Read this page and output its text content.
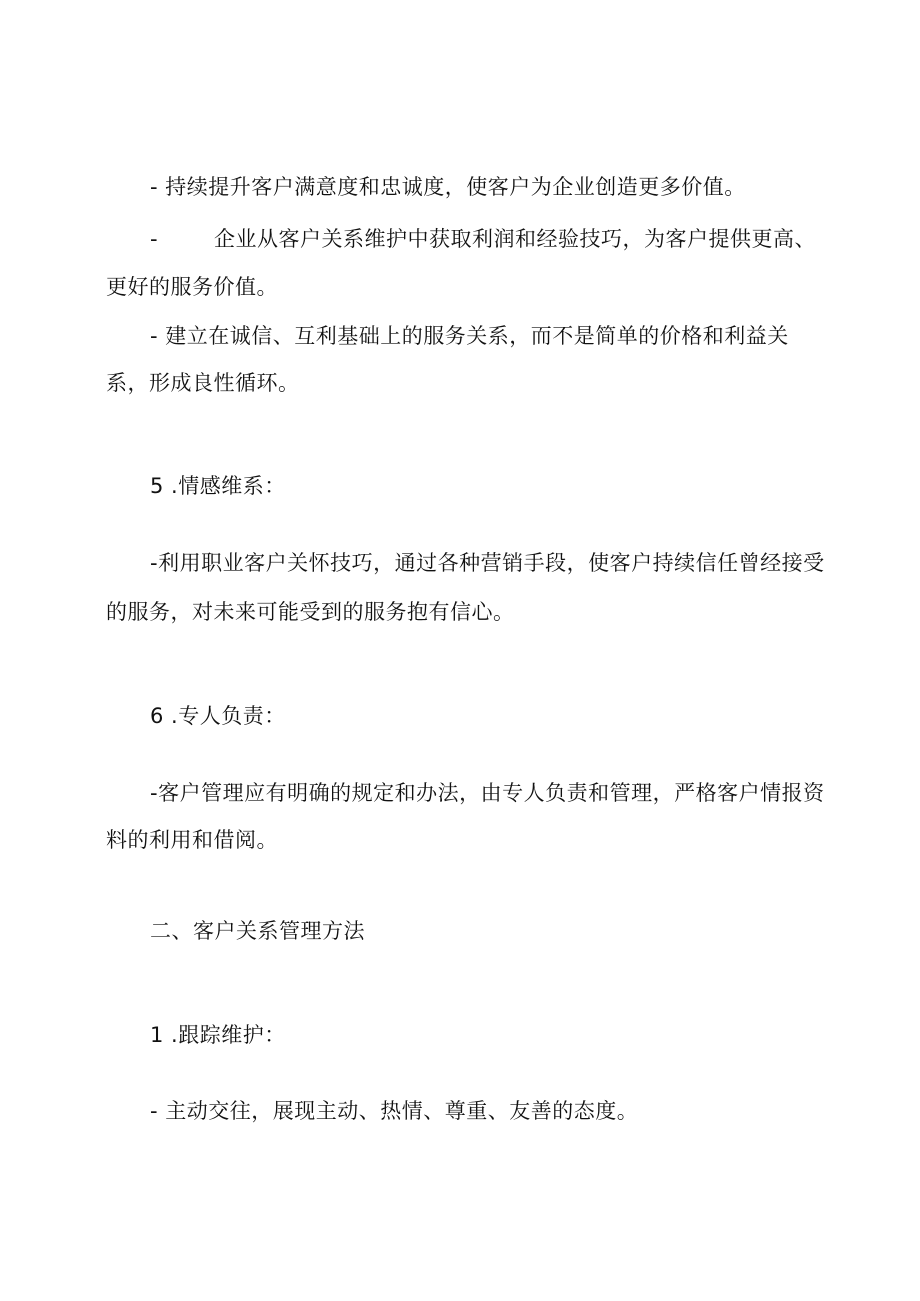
- 持续提升客户满意度和忠诚度，使客户为企业创造更多价值。
-	企业从客户关系维护中获取利润和经验技巧，为客户提供更高、
更好的服务价值。
- 建立在诚信、互利基础上的服务关系，而不是简单的价格和利益关
系，形成良性循环。
5 .情感维系：
-利用职业客户关怀技巧，通过各种营销手段，使客户持续信任曾经接受
的服务，对未来可能受到的服务抱有信心。
6 .专人负责：
-客户管理应有明确的规定和办法，由专人负责和管理，严格客户情报资
料的利用和借阅。
二、客户关系管理方法
1 .跟踪维护：
- 主动交往，展现主动、热情、尊重、友善的态度。
